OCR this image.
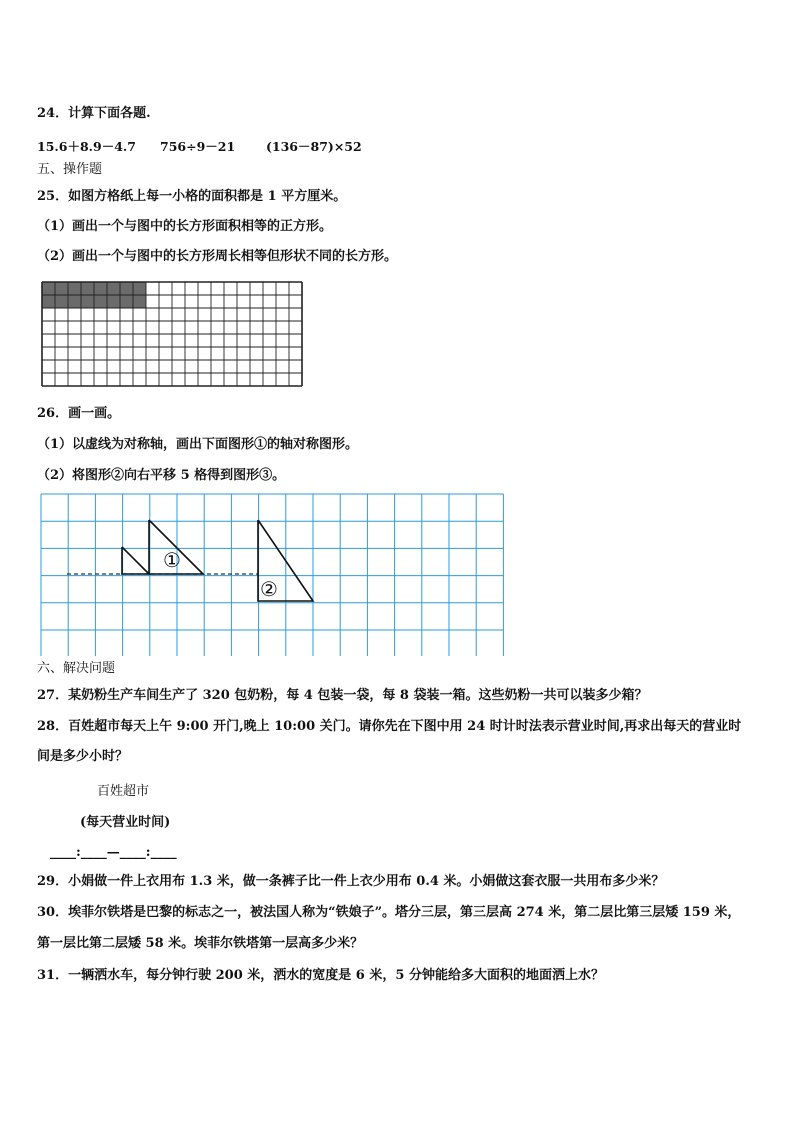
24．计算下面各题.
15.6＋8.9－4.7 756÷9－21 (136－87)×52
五、操作题
25．如图方格纸上每一小格的面积都是 1 平方厘米。
（1）画出一个与图中的长方形面积相等的正方形。
（2）画出一个与图中的长方形周长相等但形状不同的长方形。
26．画一画。
（1）以虚线为对称轴，画出下面图形①的轴对称图形。
（2）将图形②向右平移 5 格得到图形③。
①
②
六、解决问题
27．某奶粉生产车间生产了 320 包奶粉，每 4 包装一袋，每 8 袋装一箱。这些奶粉一共可以装多少箱？
28．百姓超市每天上午 9:00 开门,晚上 10:00 关门。请你先在下图中用 24 时计时法表示营业时间,再求出每天的营业时
间是多少小时？
百姓超市
(每天营业时间)
____:____—____:____
29．小娟做一件上衣用布 1.3 米，做一条裤子比一件上衣少用布 0.4 米。小娟做这套衣服一共用布多少米？
30．埃菲尔铁塔是巴黎的标志之一，被法国人称为“铁娘子”。塔分三层，第三层高 274 米，第二层比第三层矮 159 米，
第一层比第二层矮 58 米。埃菲尔铁塔第一层高多少米？
31．一辆洒水车，每分钟行驶 200 米，洒水的宽度是 6 米，5 分钟能给多大面积的地面洒上水？
